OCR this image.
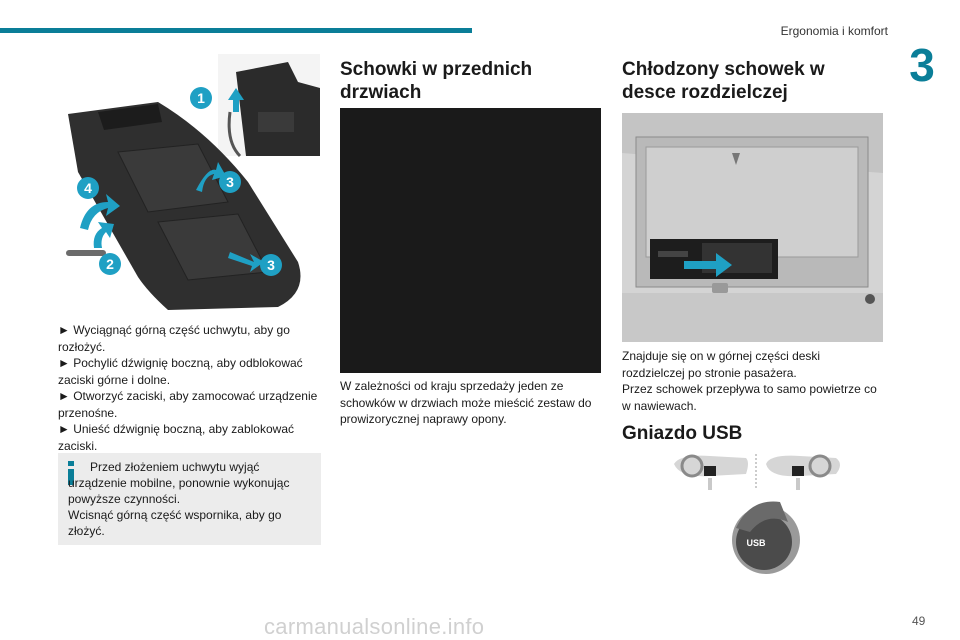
Ergonomia i komfort
3
1
2
3
3
4
► Wyciągnąć górną część uchwytu, aby go rozłożyć.
► Pochylić dźwignię boczną, aby odblokować zaciski górne i dolne.
► Otworzyć zaciski, aby zamocować urządzenie przenośne.
► Unieść dźwignię boczną, aby zablokować zaciski.
Przed złożeniem uchwytu wyjąć urządzenie mobilne, ponownie wykonując powyższe czynności.
Wcisnąć górną część wspornika, aby go złożyć.
Schowki w przednich drzwiach
W zależności od kraju sprzedaży jeden ze schowków w drzwiach może mieścić zestaw do prowizorycznej naprawy opony.
Chłodzony schowek w desce rozdzielczej
Znajduje się on w górnej części deski rozdzielczej po stronie pasażera.
Przez schowek przepływa to samo powietrze co w nawiewach.
Gniazdo USB
USB
carmanualsonline.info	49
